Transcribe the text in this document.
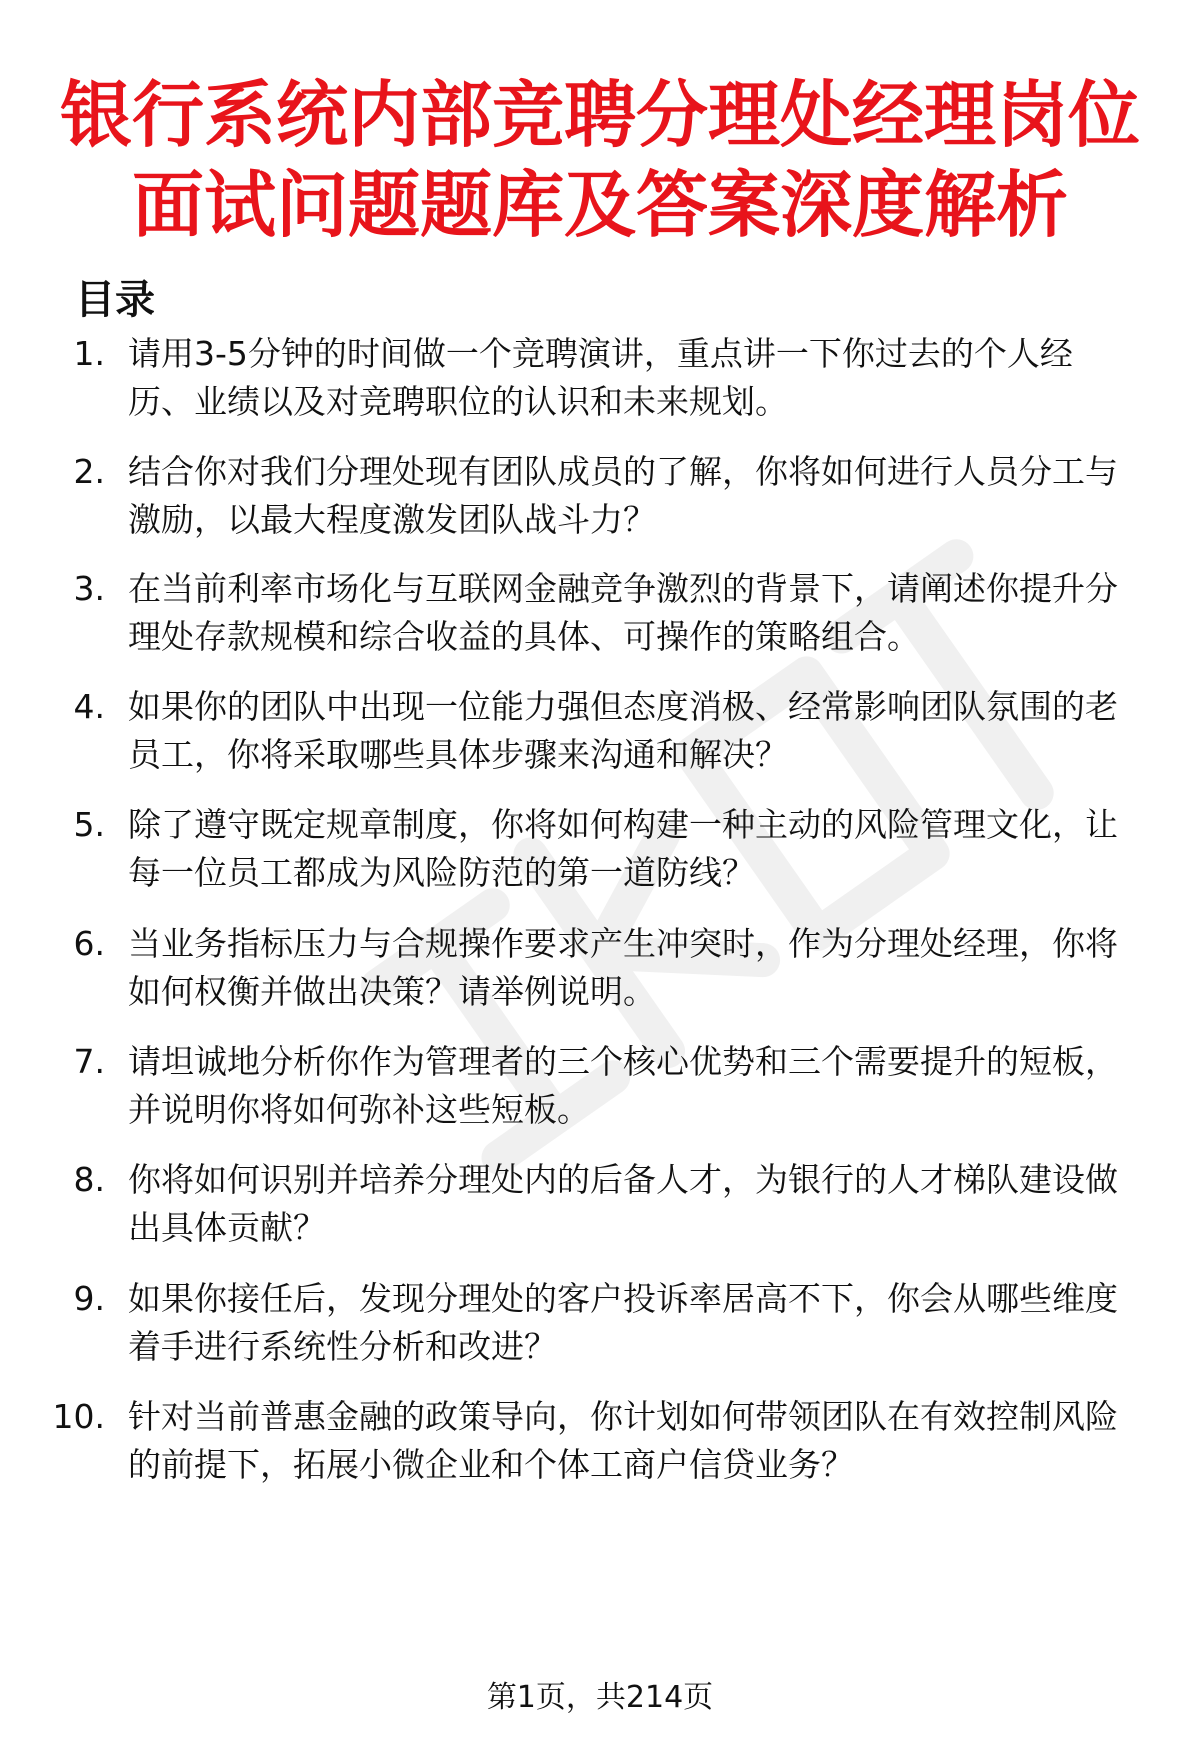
银行系统内部竞聘分理处经理岗位
面试问题题库及答案深度解析
目录
1. 请用3-5分钟的时间做一个竞聘演讲，重点讲一下你过去的个人经历、业绩以及对竞聘职位的认识和未来规划。
2. 结合你对我们分理处现有团队成员的了解，你将如何进行人员分工与激励，以最大程度激发团队战斗力？
3. 在当前利率市场化与互联网金融竞争激烈的背景下，请阐述你提升分理处存款规模和综合收益的具体、可操作的策略组合。
4. 如果你的团队中出现一位能力强但态度消极、经常影响团队氛围的老员工，你将采取哪些具体步骤来沟通和解决？
5. 除了遵守既定规章制度，你将如何构建一种主动的风险管理文化，让每一位员工都成为风险防范的第一道防线？
6. 当业务指标压力与合规操作要求产生冲突时，作为分理处经理，你将如何权衡并做出决策？请举例说明。
7. 请坦诚地分析你作为管理者的三个核心优势和三个需要提升的短板，并说明你将如何弥补这些短板。
8. 你将如何识别并培养分理处内的后备人才，为银行的人才梯队建设做出具体贡献？
9. 如果你接任后，发现分理处的客户投诉率居高不下，你会从哪些维度着手进行系统性分析和改进？
10. 针对当前普惠金融的政策导向，你计划如何带领团队在有效控制风险的前提下，拓展小微企业和个体工商户信贷业务？
第1页，共214页
